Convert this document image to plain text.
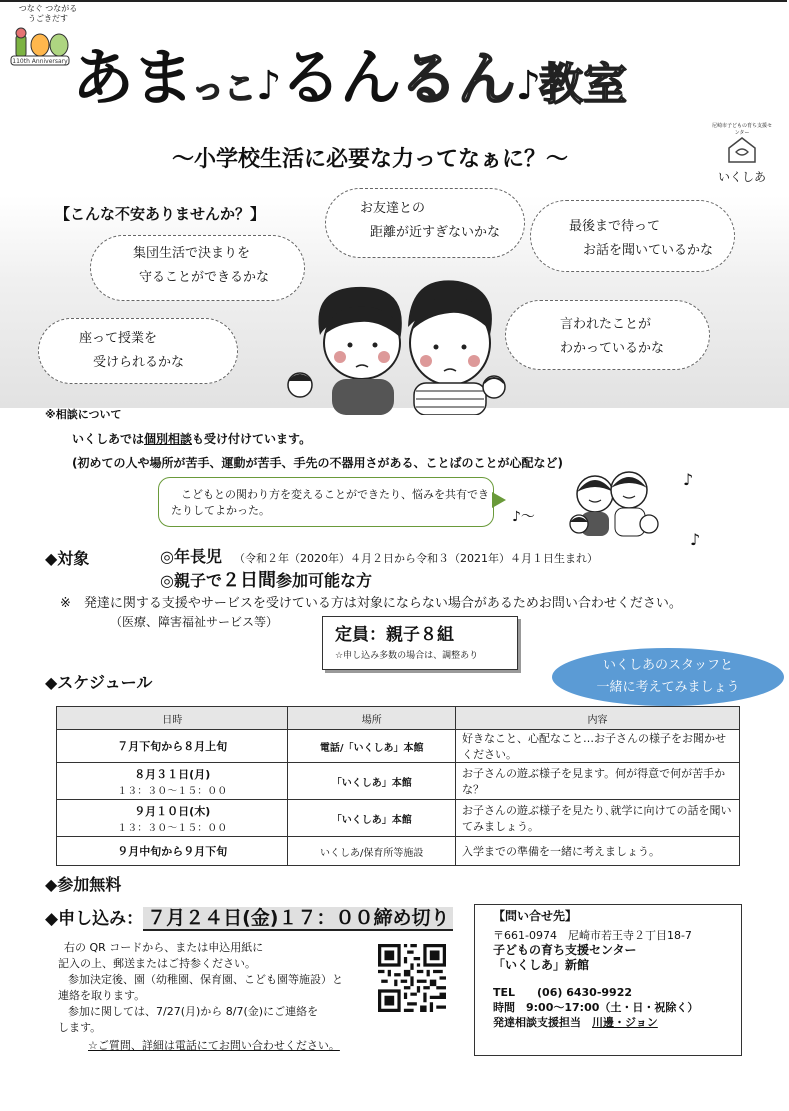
つなぐ つながる うごきだす
110th Anniversary あまっこ♪るんるん♪教室
～小学校生活に必要な力ってなぁに？～
尼崎市子どもの育ち支援センター
いくしあ
【こんな不安ありませんか？】
集団生活で決まりを
守ることができるかな
お友達との
距離が近すぎないかな	最後まで待って
お話を聞いているかな
座って授業を
受けられるかな
言われたことが
わかっているかな
※相談について
いくしあでは個別相談も受け付けています。
(初めての人や場所が苦手、運動が苦手、手先の不器用さがある、ことばのことが心配など)
こどもとの関わり方を変えることができたり、悩みを共有でき
たりしてよかった。
♪
♪～
♪
◆対象	◎年長児 （令和２年（2020年）４月２日から令和３（2021年）４月１日生まれ）
◎親子で２日間参加可能な方
※　発達に関する支援やサービスを受けている方は対象にならない場合があるためお問い合わせください。
（医療、障害福祉サービス等）
定員：親子８組
☆申し込み多数の場合は、調整あり
いくしあのスタッフと
一緒に考えてみましょう
◆スケジュール
日時	場所	内容
７月下旬から８月上旬	電話/「いくしあ」本館	好きなこと、心配なこと…お子さんの様子をお聞かせください。
８月３１日(月)
１３：３０～１５：００	「いくしあ」本館	お子さんの遊ぶ様子を見ます。何が得意で何が苦手かな？
９月１０日(木)
１３：３０～１５：００	「いくしあ」本館	お子さんの遊ぶ様子を見たり､就学に向けての話を聞いてみましょう。
９月中旬から９月下旬	いくしあ/保育所等施設	入学までの準備を一緒に考えましょう。
◆参加無料
◆申し込み： ７月２４日(金)１７：００締め切り
右の QR コードから、または申込用紙に
記入の上、郵送またはご持参ください。
参加決定後、園（幼稚園、保育園、こども園等施設）と
連絡を取ります。
参加に関しては、7/27(月)から 8/7(金)にご連絡を
します。
☆ご質問、詳細は電話にてお問い合わせください。
【問い合せ先】
〒661-0974　尼崎市若王寺２丁目18-7
子どもの育ち支援センター
「いくしあ」新館
TEL　　(06) 6430-9922
時間　9:00～17:00（土・日・祝除く）
発達相談支援担当　 川邊・ジョン
